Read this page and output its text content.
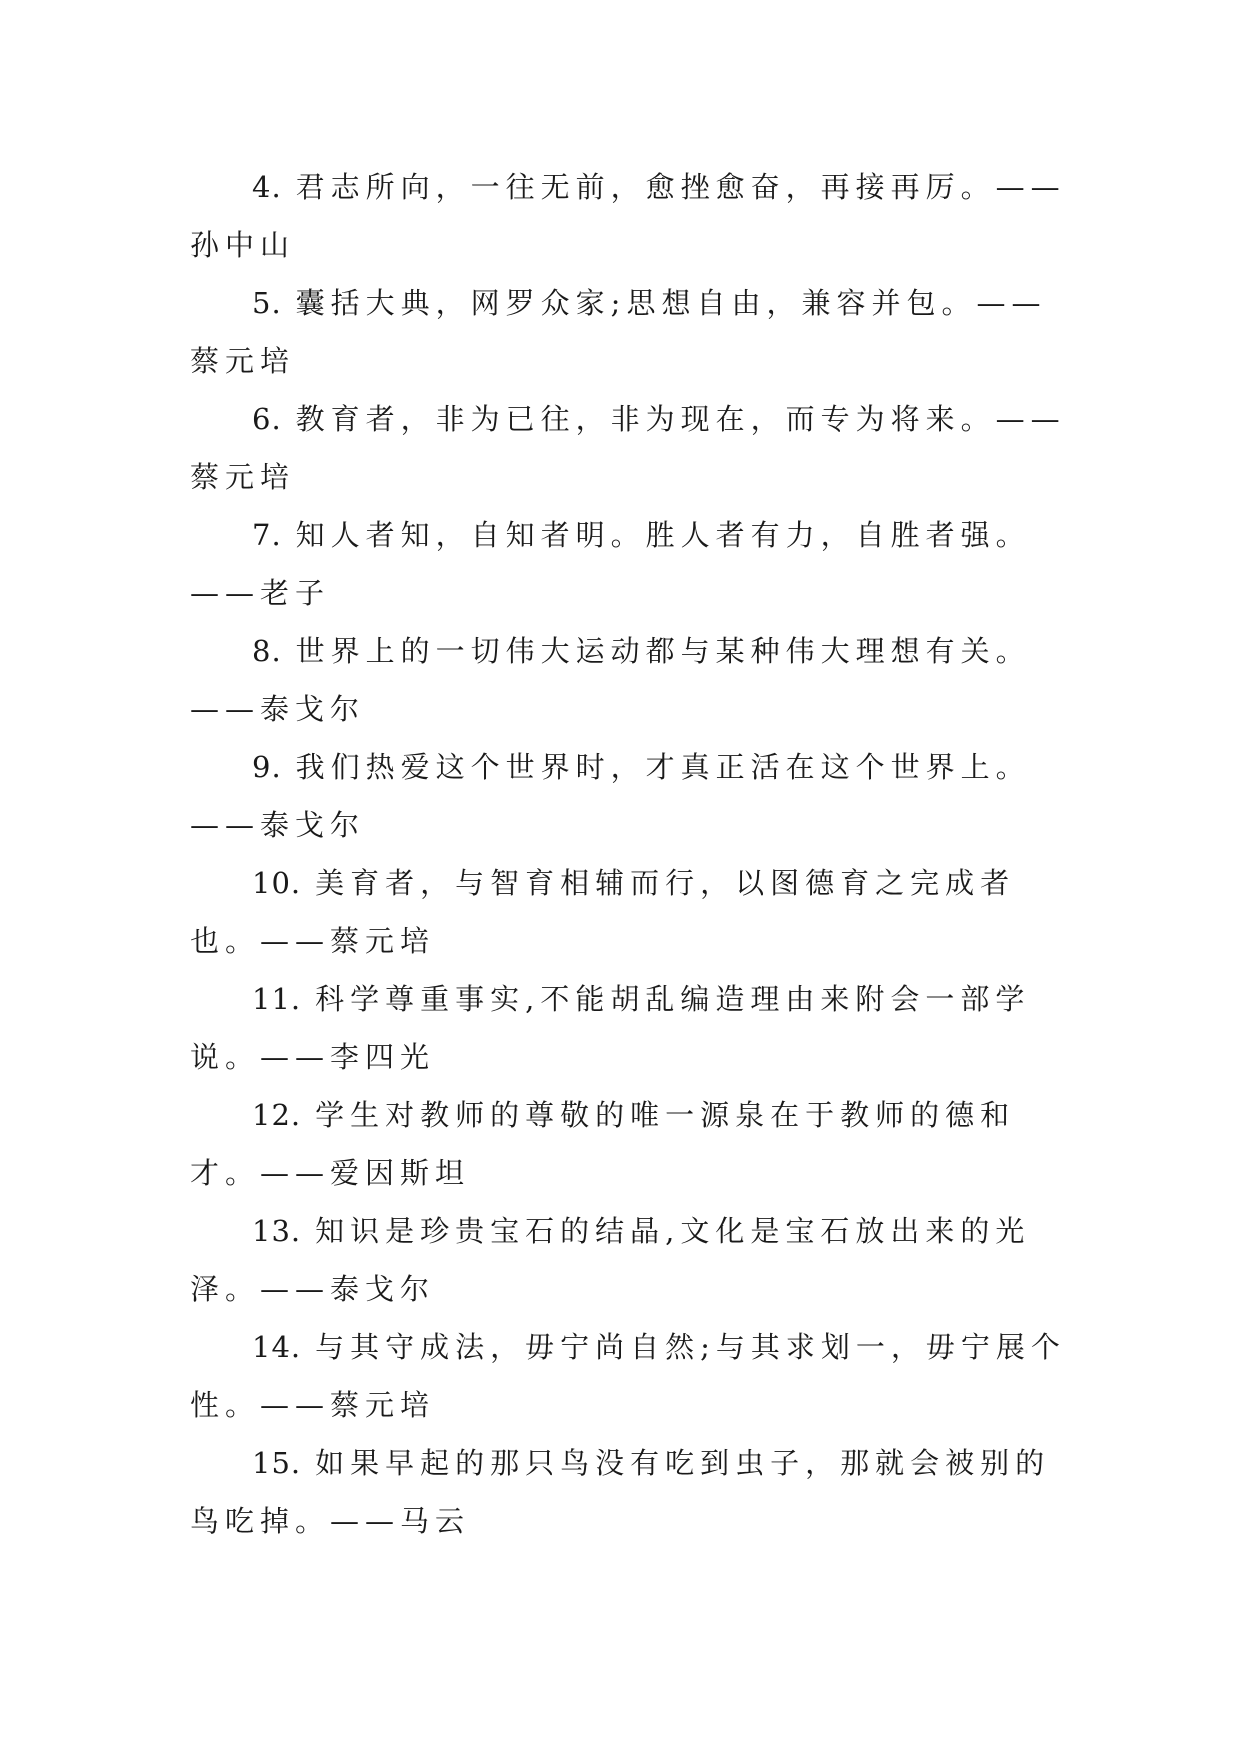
4. 君志所向，一往无前，愈挫愈奋，再接再厉。——孙中山

5. 囊括大典，网罗众家;思想自由，兼容并包。——蔡元培

6. 教育者，非为已往，非为现在，而专为将来。——蔡元培

7. 知人者知，自知者明。胜人者有力，自胜者强。——老子

8. 世界上的一切伟大运动都与某种伟大理想有关。——泰戈尔

9. 我们热爱这个世界时，才真正活在这个世界上。——泰戈尔

10. 美育者，与智育相辅而行，以图德育之完成者也。——蔡元培

11. 科学尊重事实,不能胡乱编造理由来附会一部学说。——李四光

12. 学生对教师的尊敬的唯一源泉在于教师的德和才。——爱因斯坦

13. 知识是珍贵宝石的结晶,文化是宝石放出来的光泽。——泰戈尔

14. 与其守成法，毋宁尚自然;与其求划一，毋宁展个性。——蔡元培

15. 如果早起的那只鸟没有吃到虫子，那就会被别的鸟吃掉。——马云
